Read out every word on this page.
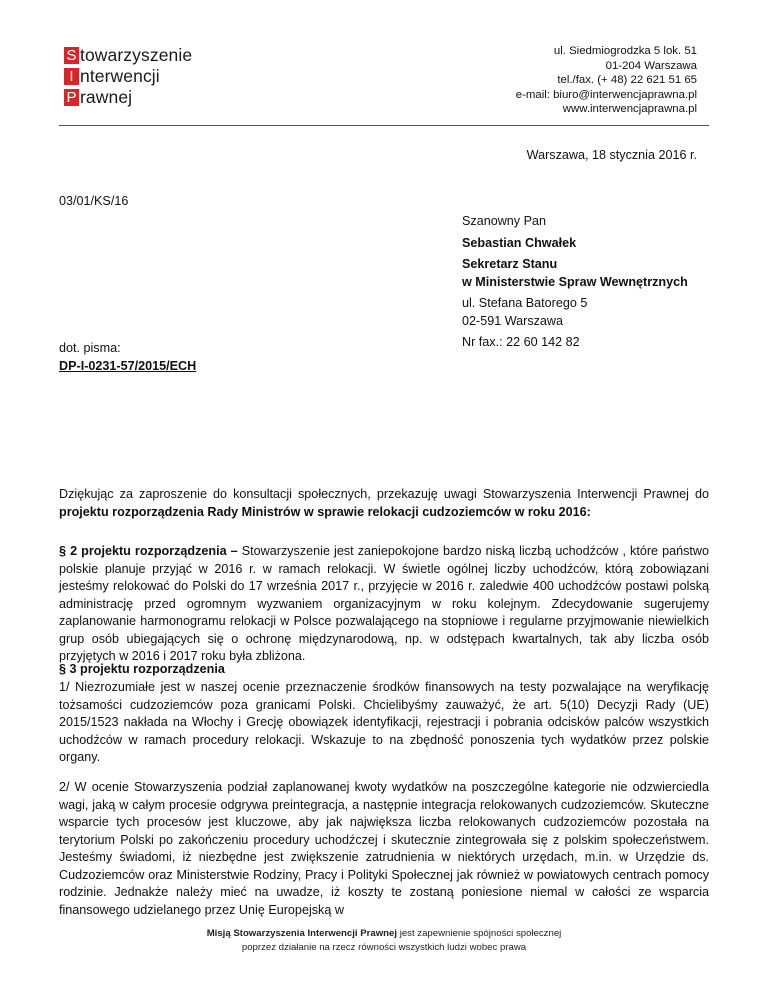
S towarzyszenie
I nterwencji
P rawnej
ul. Siedmiogrodzka 5 lok. 51
01-204 Warszawa
tel./fax. (+ 48) 22 621 51 65
e-mail: biuro@interwencjaprawna.pl
www.interwencjaprawna.pl
Warszawa, 18 stycznia 2016 r.
03/01/KS/16
Szanowny Pan
Sebastian Chwałek
Sekretarz Stanu
w Ministerstwie Spraw Wewnętrznych
ul. Stefana Batorego 5
02-591 Warszawa
Nr fax.: 22 60 142 82
dot. pisma:
DP-I-0231-57/2015/ECH
Dziękując za zaproszenie do konsultacji społecznych, przekazuję uwagi Stowarzyszenia Interwencji Prawnej do projektu rozporządzenia Rady Ministrów w sprawie relokacji cudzoziemców w roku 2016:
§ 2 projektu rozporządzenia – Stowarzyszenie jest zaniepokojone bardzo niską liczbą uchodźców , które państwo polskie planuje przyjąć w 2016 r. w ramach relokacji. W świetle ogólnej liczby uchodźców, którą zobowiązani jesteśmy relokować do Polski do 17 września 2017 r., przyjęcie w 2016 r. zaledwie 400 uchodźców postawi polską administrację przed ogromnym wyzwaniem organizacyjnym w roku kolejnym. Zdecydowanie sugerujemy zaplanowanie harmonogramu relokacji w Polsce pozwalającego na stopniowe i regularne przyjmowanie niewielkich grup osób ubiegających się o ochronę międzynarodową, np. w odstępach kwartalnych, tak aby liczba osób przyjętych w 2016 i 2017 roku była zbliżona.
§ 3 projektu rozporządzenia
1/ Niezrozumiałe jest w naszej ocenie przeznaczenie środków finansowych na testy pozwalające na weryfikację tożsamości cudzoziemców poza granicami Polski. Chcielibyśmy zauważyć, że art. 5(10) Decyzji Rady (UE) 2015/1523 nakłada na Włochy i Grecję obowiązek identyfikacji, rejestracji i pobrania odcisków palców wszystkich uchodźców w ramach procedury relokacji. Wskazuje to na zbędność ponoszenia tych wydatków przez polskie organy.
2/ W ocenie Stowarzyszenia podział zaplanowanej kwoty wydatków na poszczególne kategorie nie odzwierciedla wagi, jaką w całym procesie odgrywa preintegracja, a następnie integracja relokowanych cudzoziemców. Skuteczne wsparcie tych procesów jest kluczowe, aby jak największa liczba relokowanych cudzoziemców pozostała na terytorium Polski po zakończeniu procedury uchodźczej i skutecznie zintegrowała się z polskim społeczeństwem. Jesteśmy świadomi, iż niezbędne jest zwiększenie zatrudnienia w niektórych urzędach, m.in. w Urzędzie ds. Cudzoziemców oraz Ministerstwie Rodziny, Pracy i Polityki Społecznej jak również w powiatowych centrach pomocy rodzinie. Jednakże należy mieć na uwadze, iż koszty te zostaną poniesione niemal w całości ze wsparcia finansowego udzielanego przez Unię Europejską w
Misją Stowarzyszenia Interwencji Prawnej jest zapewnienie spójności społecznej
poprzez działanie na rzecz równości wszystkich ludzi wobec prawa
